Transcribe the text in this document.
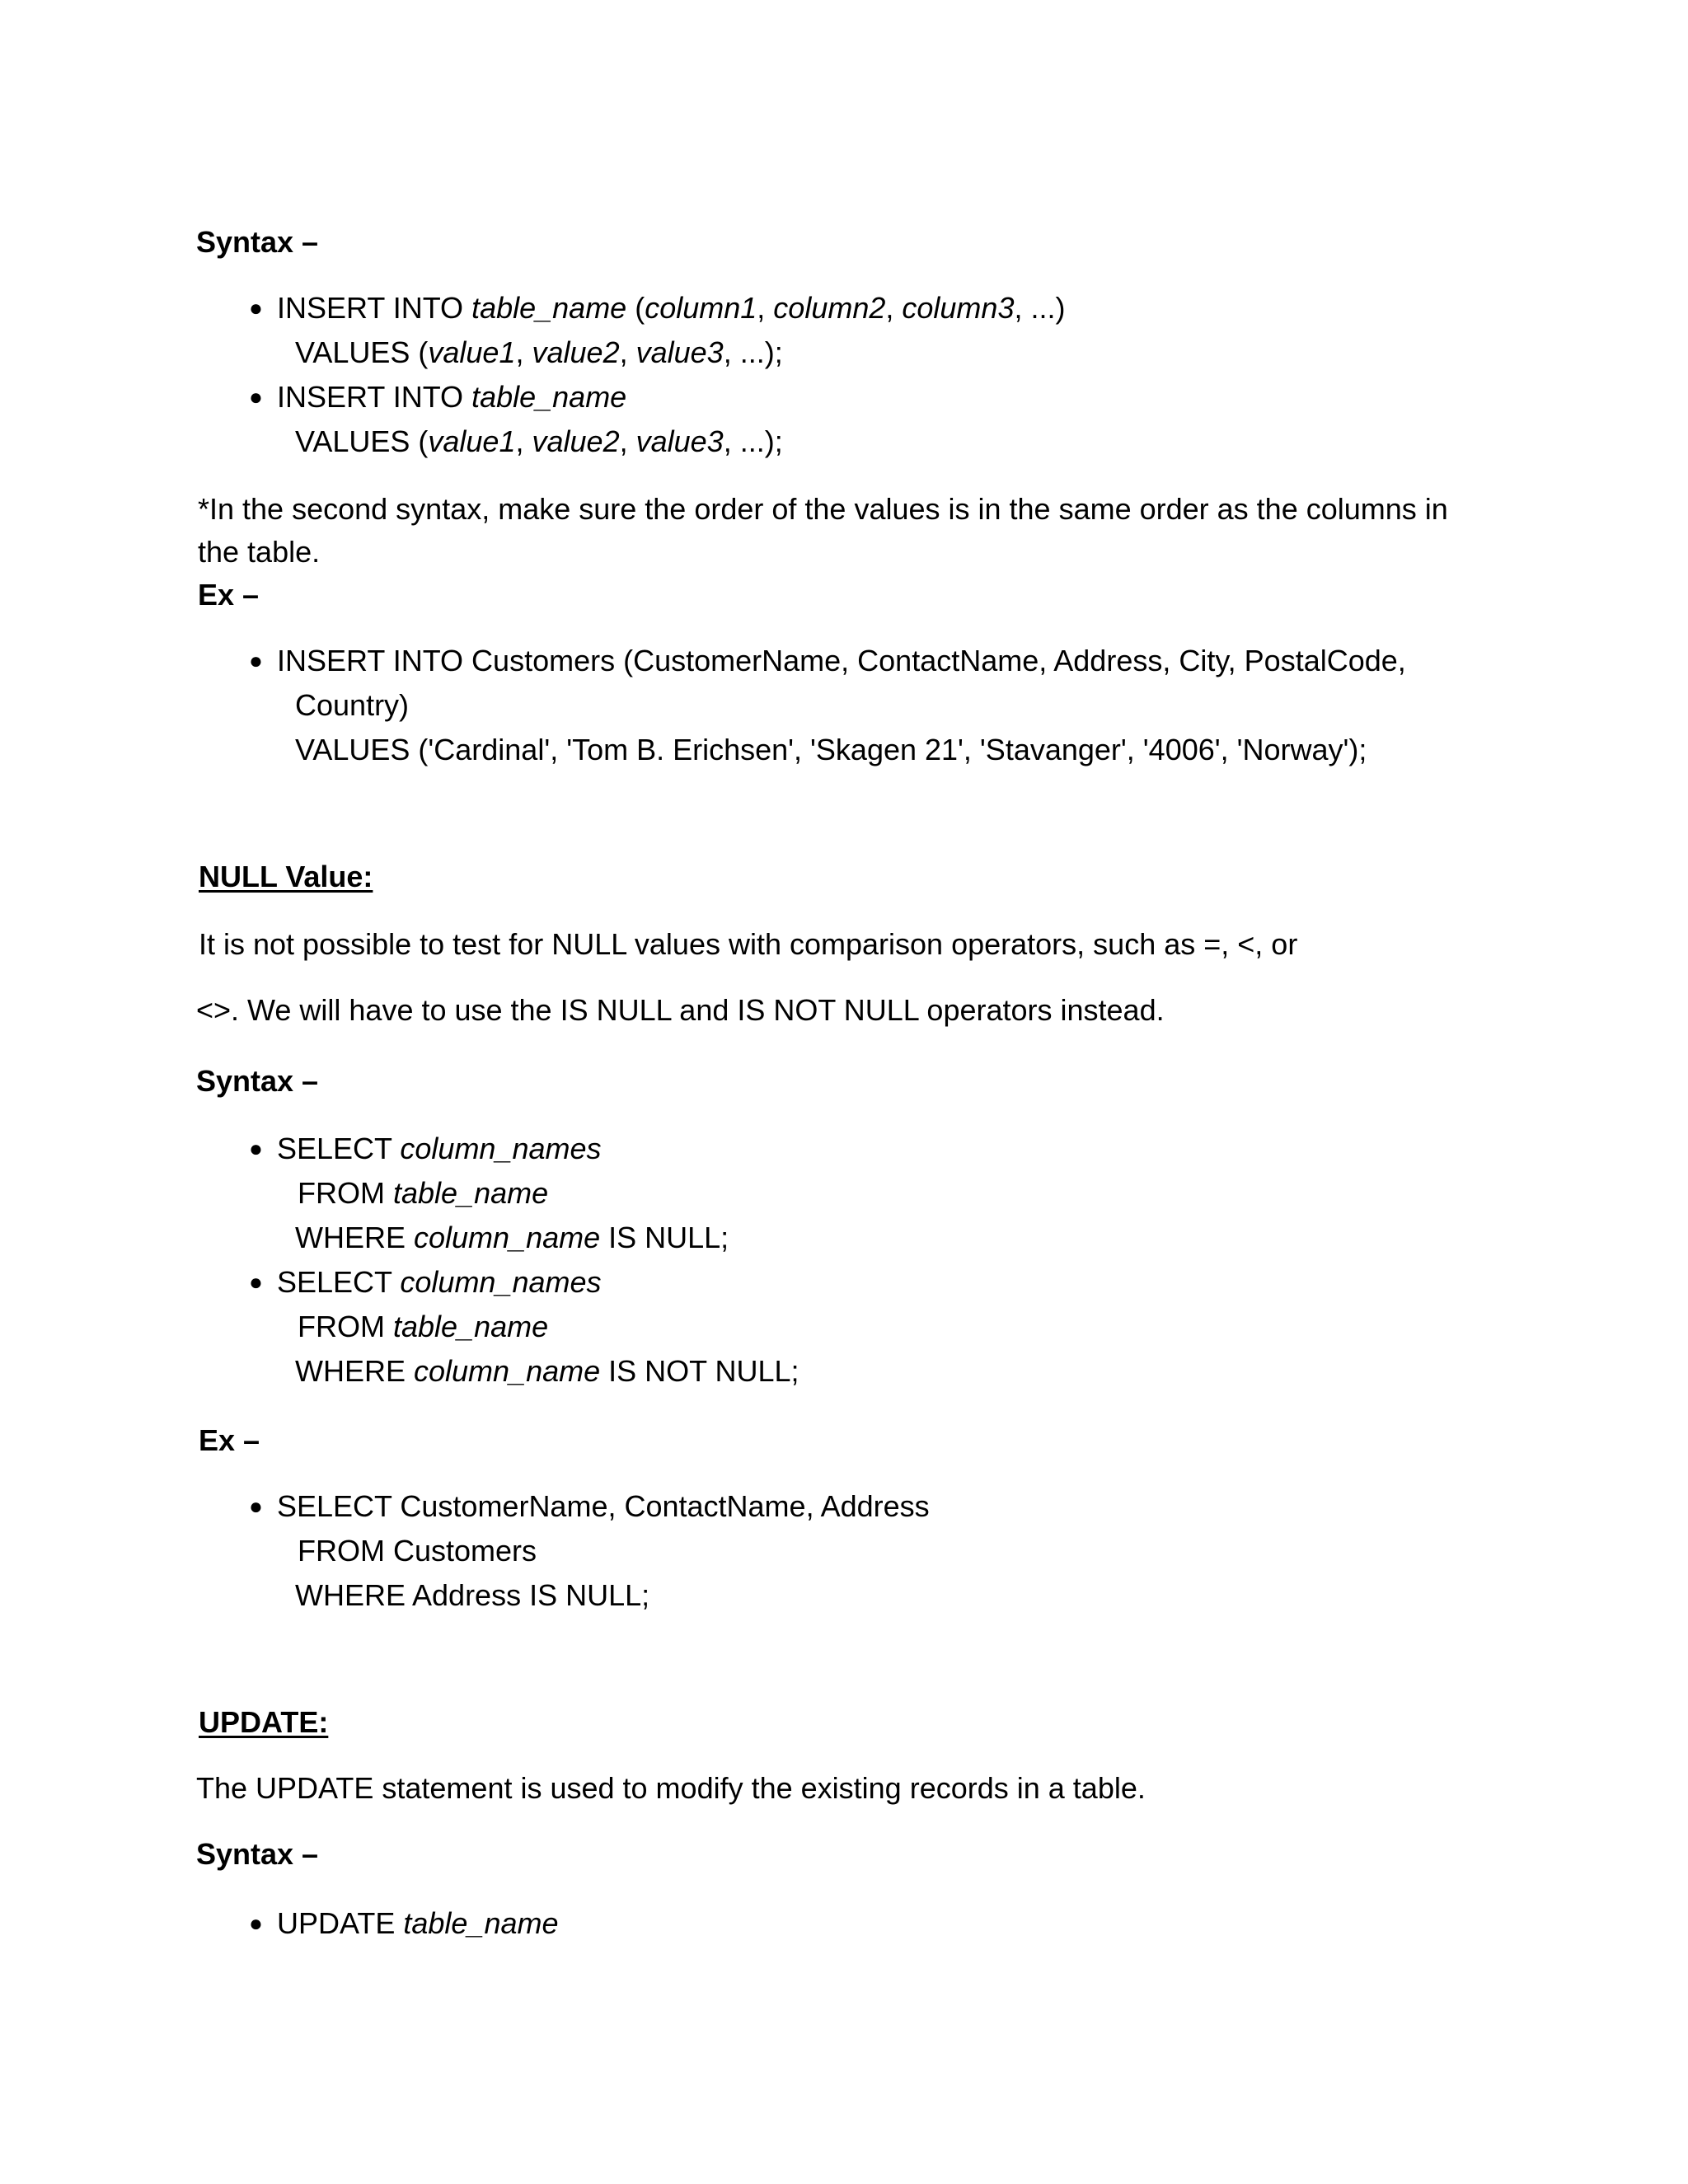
Syntax –
● INSERT INTO table_name (column1, column2, column3, ...)
VALUES (value1, value2, value3, ...);
● INSERT INTO table_name
VALUES (value1, value2, value3, ...);
*In the second syntax, make sure the order of the values is in the same order as the columns in
the table.
Ex –
● INSERT INTO Customers (CustomerName, ContactName, Address, City, PostalCode,
Country)
VALUES ('Cardinal', 'Tom B. Erichsen', 'Skagen 21', 'Stavanger', '4006', 'Norway');
NULL Value:
It is not possible to test for NULL values with comparison operators, such as =, <, or
<>. We will have to use the IS NULL and IS NOT NULL operators instead.
Syntax –
● SELECT column_names
FROM table_name
WHERE column_name IS NULL;
● SELECT column_names
FROM table_name
WHERE column_name IS NOT NULL;
Ex –
● SELECT CustomerName, ContactName, Address
FROM Customers
WHERE Address IS NULL;
UPDATE:
The UPDATE statement is used to modify the existing records in a table.
Syntax –
● UPDATE table_name
